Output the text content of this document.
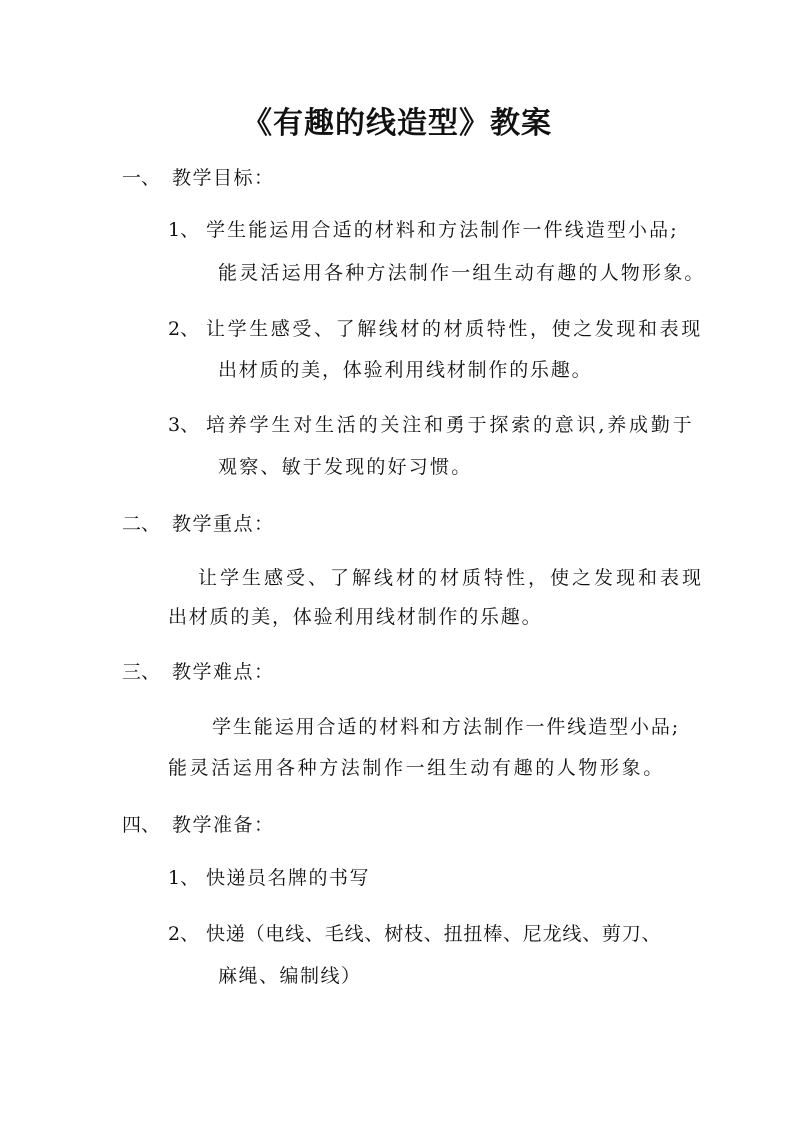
《有趣的线造型》教案
一、 教学目标：
1、 学生能运用合适的材料和方法制作一件线造型小品;
能灵活运用各种方法制作一组生动有趣的人物形象。
2、 让学生感受、了解线材的材质特性，使之发现和表现
出材质的美，体验利用线材制作的乐趣。
3、 培养学生对生活的关注和勇于探索的意识,养成勤于
观察、敏于发现的好习惯。
二、 教学重点：
让学生感受、了解线材的材质特性，使之发现和表现
出材质的美，体验利用线材制作的乐趣。
三、 教学难点：
学生能运用合适的材料和方法制作一件线造型小品;
能灵活运用各种方法制作一组生动有趣的人物形象。
四、 教学准备：
1、 快递员名牌的书写
2、 快递（电线、毛线、树枝、扭扭棒、尼龙线、剪刀、
麻绳、编制线）
